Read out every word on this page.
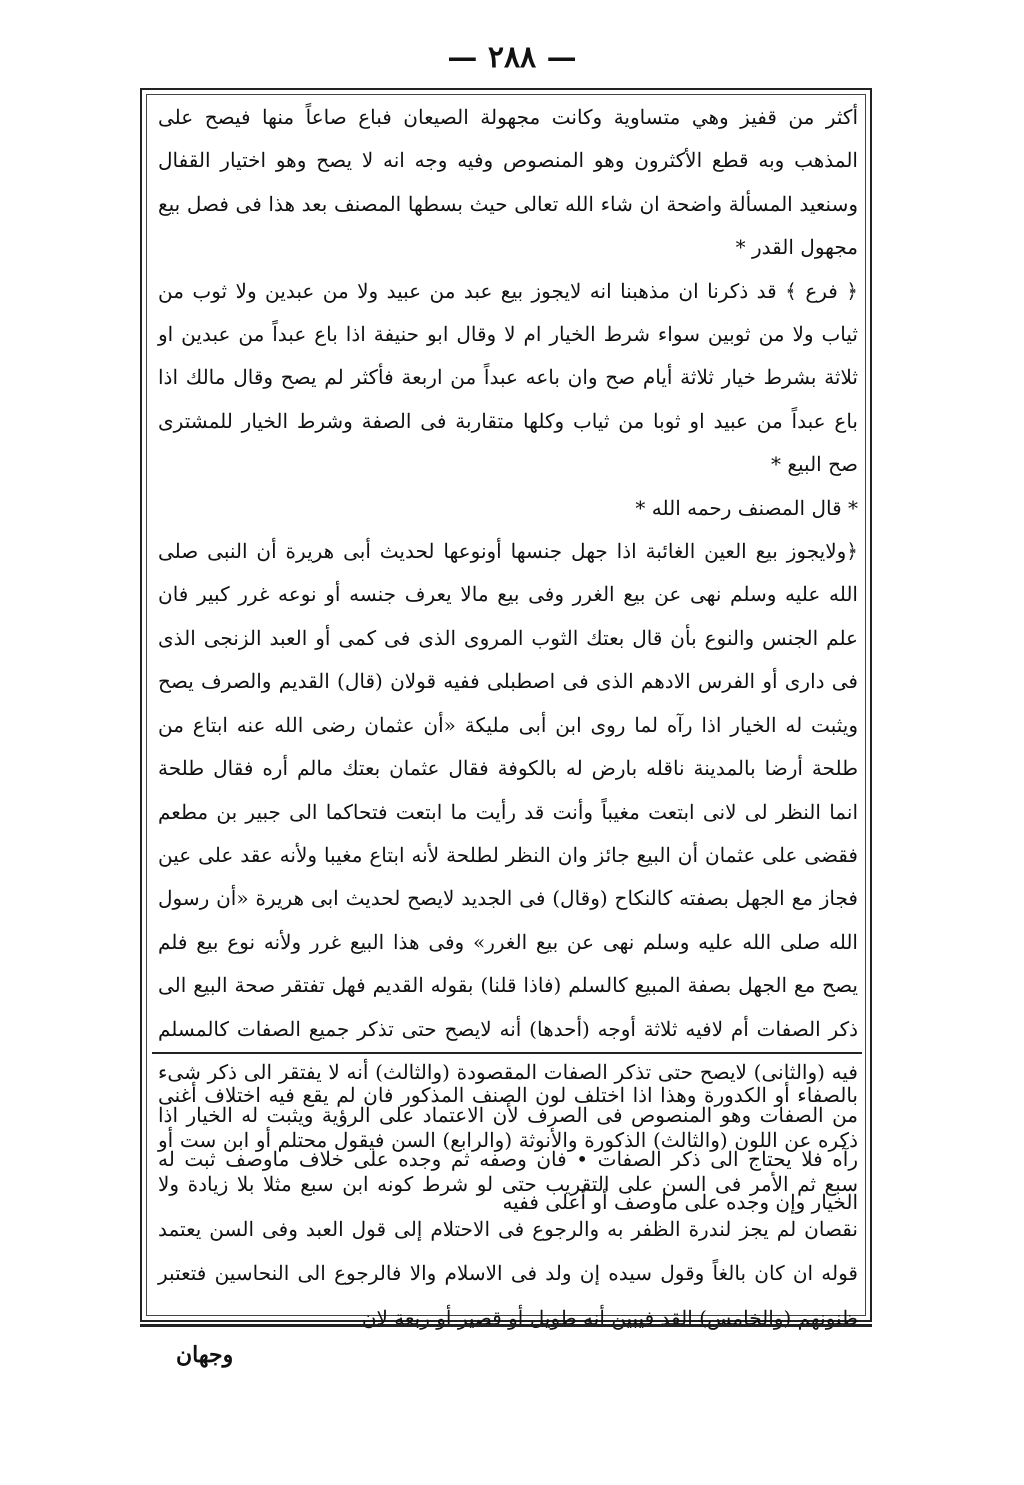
— ٢٨٨ —

أكثر من قفيز وهي متساوية وكانت مجهولة الصيعان فباع صاعاً منها فيصح على المذهب وبه قطع الأكثرون وهو المنصوص وفيه وجه انه لا يصح وهو اختيار القفال وسنعيد المسألة واضحة ان شاء الله تعالى حيث بسطها المصنف بعد هذا فى فصل بيع مجهول القدر *

﴿ فرع ﴾ قد ذكرنا ان مذهبنا انه لايجوز بيع عبد من عبيد ولا من عبدين ولا ثوب من ثياب ولا من ثوبين سواء شرط الخيار ام لا وقال ابو حنيفة اذا باع عبداً من عبدين او ثلاثة بشرط خيار ثلاثة أيام صح وان باعه عبداً من اربعة فأكثر لم يصح وقال مالك اذا باع عبداً من عبيد او ثوبا من ثياب وكلها متقاربة فى الصفة وشرط الخيار للمشترى صح البيع *

* قال المصنف رحمه الله *

﴿ولايجوز بيع العين الغائبة اذا جهل جنسها أونوعها لحديث أبى هريرة أن النبى صلى الله عليه وسلم نهى عن بيع الغرر وفى بيع مالا يعرف جنسه أو نوعه غرر كبير فان علم الجنس والنوع بأن قال بعتك الثوب المروى الذى فى كمى أو العبد الزنجى الذى فى دارى أو الفرس الادهم الذى فى اصطبلى ففيه قولان (قال) القديم والصرف يصح ويثبت له الخيار اذا رآه لما روى ابن أبى مليكة «أن عثمان رضى الله عنه ابتاع من طلحة أرضا بالمدينة ناقله بارض له بالكوفة فقال عثمان بعتك مالم أره فقال طلحة انما النظر لى لانى ابتعت مغيباً وأنت قد رأيت ما ابتعت فتحاكما الى جبير بن مطعم فقضى على عثمان أن البيع جائز وان النظر لطلحة لأنه ابتاع مغيبا ولأنه عقد على عين فجاز مع الجهل بصفته كالنكاح (وقال) فى الجديد لايصح لحديث ابى هريرة «أن رسول الله صلى الله عليه وسلم نهى عن بيع الغرر» وفى هذا البيع غرر ولأنه نوع بيع فلم يصح مع الجهل بصفة المبيع كالسلم (فاذا قلنا) بقوله القديم فهل تفتقر صحة البيع الى ذكر الصفات أم لافيه ثلاثة أوجه (أحدها) أنه لايصح حتى تذكر جميع الصفات كالمسلم فيه (والثانى) لايصح حتى تذكر الصفات المقصودة (والثالث) أنه لا يفتقر الى ذكر شىء من الصفات وهو المنصوص فى الصرف لأن الاعتماد على الرؤية ويثبت له الخيار اذا رآه فلا يحتاج الى ذكر الصفات • فان وصفه ثم وجده على خلاف ماوصف ثبت له الخيار وإن وجده على ماوصف أو أعلى ففيه

بالصفاء أو الكدورة وهذا اذا اختلف لون الصنف المذكور فان لم يقع فيه اختلاف أغنى ذكره عن اللون (والثالث) الذكورة والأنوثة (والرابع) السن فيقول محتلم أو ابن ست أو سبع ثم الأمر فى السن على التقريب حتى لو شرط كونه ابن سبع مثلا بلا زيادة ولا نقصان لم يجز لندرة الظفر به والرجوع فى الاحتلام إلى قول العبد وفى السن يعتمد قوله ان كان بالغاً وقول سيده إن ولد فى الاسلام والا فالرجوع الى النحاسين فتعتبر ظنونهم (والخامس) القد فيبين أنه طويل أو قصير أو ربعة لان

وجهان
